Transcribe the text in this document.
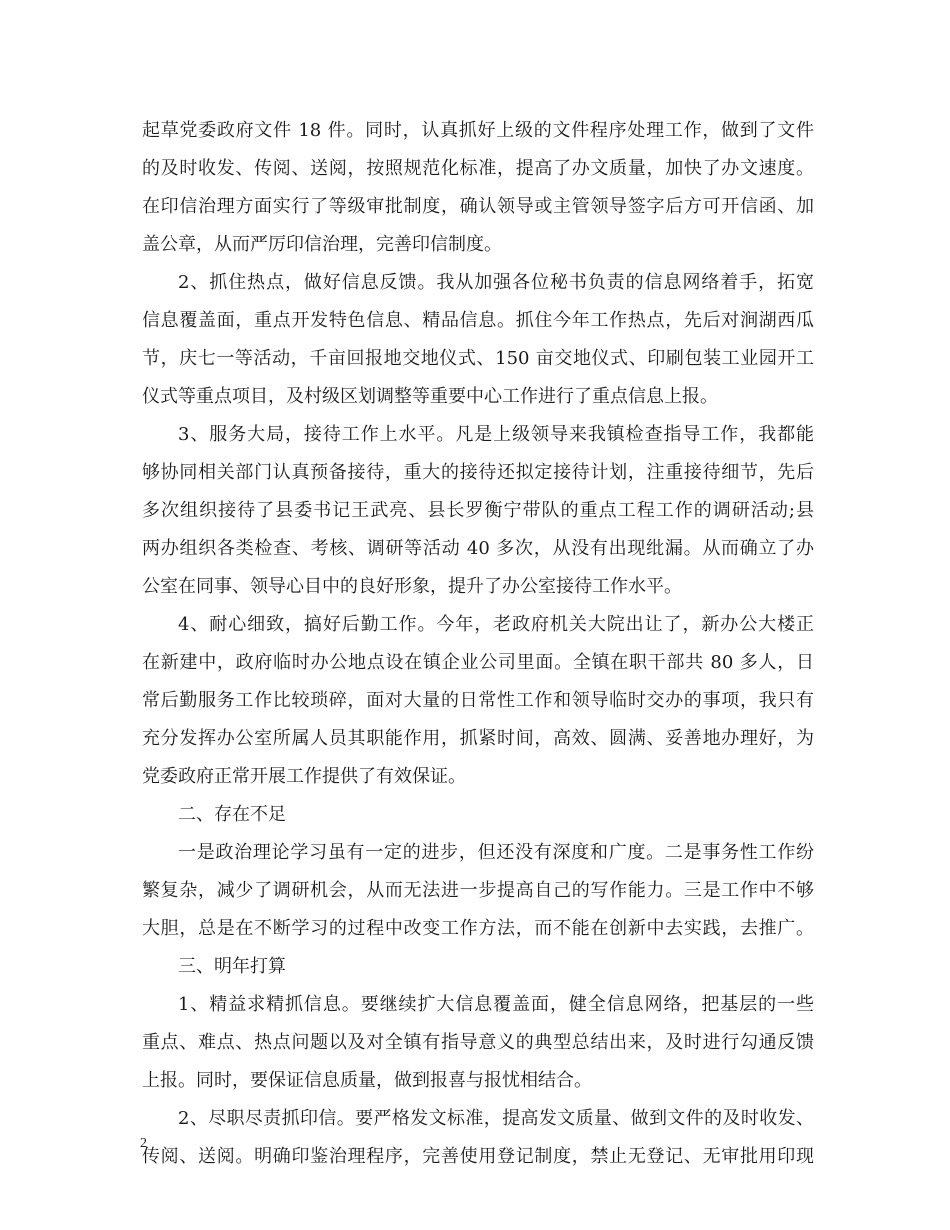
起草党委政府文件 18 件。同时，认真抓好上级的文件程序处理工作，做到了文件
的及时收发、传阅、送阅，按照规范化标准，提高了办文质量，加快了办文速度。
在印信治理方面实行了等级审批制度，确认领导或主管领导签字后方可开信函、加
盖公章，从而严厉印信治理，完善印信制度。
2、抓住热点，做好信息反馈。我从加强各位秘书负责的信息网络着手，拓宽
信息覆盖面，重点开发特色信息、精品信息。抓住今年工作热点，先后对涧湖西瓜
节，庆七一等活动，千亩回报地交地仪式、150 亩交地仪式、印刷包装工业园开工
仪式等重点项目，及村级区划调整等重要中心工作进行了重点信息上报。
3、服务大局，接待工作上水平。凡是上级领导来我镇检查指导工作，我都能
够协同相关部门认真预备接待，重大的接待还拟定接待计划，注重接待细节，先后
多次组织接待了县委书记王武亮、县长罗衡宁带队的重点工程工作的调研活动;县
两办组织各类检查、考核、调研等活动 40 多次，从没有出现纰漏。从而确立了办
公室在同事、领导心目中的良好形象，提升了办公室接待工作水平。
4、耐心细致，搞好后勤工作。今年，老政府机关大院出让了，新办公大楼正
在新建中，政府临时办公地点设在镇企业公司里面。全镇在职干部共 80 多人，日
常后勤服务工作比较琐碎，面对大量的日常性工作和领导临时交办的事项，我只有
充分发挥办公室所属人员其职能作用，抓紧时间，高效、圆满、妥善地办理好，为
党委政府正常开展工作提供了有效保证。
二、存在不足
一是政治理论学习虽有一定的进步，但还没有深度和广度。二是事务性工作纷
繁复杂，减少了调研机会，从而无法进一步提高自己的写作能力。三是工作中不够
大胆，总是在不断学习的过程中改变工作方法，而不能在创新中去实践，去推广。
三、明年打算
1、精益求精抓信息。要继续扩大信息覆盖面，健全信息网络，把基层的一些
重点、难点、热点问题以及对全镇有指导意义的典型总结出来，及时进行勾通反馈
上报。同时，要保证信息质量，做到报喜与报忧相结合。
2、尽职尽责抓印信。要严格发文标准，提高发文质量、做到文件的及时收发、
传阅、送阅。明确印鉴治理程序，完善使用登记制度，禁止无登记、无审批用印现
2
